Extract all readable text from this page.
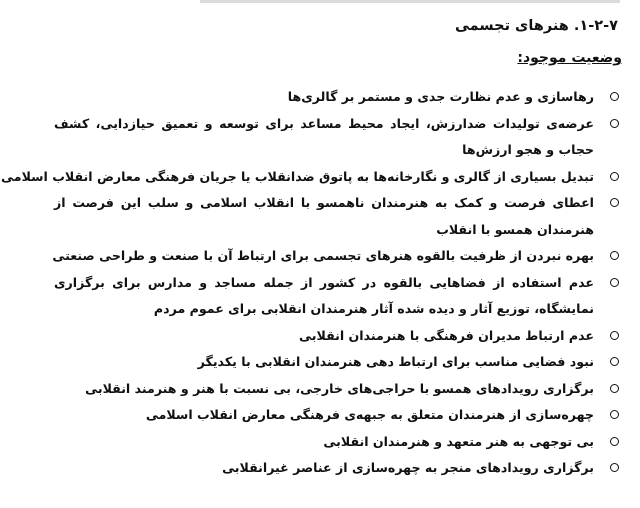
۱-۲-۷. هنرهای تجسمی
وضعیت موجود:
رهاسازی و عدم نظارت جدی و مستمر بر گالری‌ها
عرضه‌ی تولیدات ضدارزش، ایجاد محیط مساعد برای توسعه و تعمیق حیازدایی، کشف حجاب و هجو ارزش‌ها
تبدیل بسیاری از گالری و نگارخانه‌ها به پاتوق ضدانقلاب یا جریان فرهنگی معارض انقلاب اسلامی
اعطای فرصت و کمک به هنرمندان ناهمسو با انقلاب اسلامی و سلب این فرصت از هنرمندان همسو با انقلاب
بهره نبردن از ظرفیت بالقوه هنرهای تجسمی برای ارتباط آن با صنعت و طراحی صنعتی
عدم استفاده از فضاهایی بالقوه در کشور از جمله مساجد و مدارس برای برگزاری نمایشگاه، توزیع آثار و دیده شده آثار هنرمندان انقلابی برای عموم مردم
عدم ارتباط مدیران فرهنگی با هنرمندان انقلابی
نبود فضایی مناسب برای ارتباط دهی هنرمندان انقلابی با یکدیگر
برگزاری رویدادهای همسو با حراجی‌های خارجی، بی نسبت با هنر و هنرمند انقلابی
چهره‌سازی از هنرمندان متعلق به جبهه‌ی فرهنگی معارض انقلاب اسلامی
بی توجهی به هنر متعهد و هنرمندان انقلابی
برگزاری رویدادهای منجر به چهره‌سازی از عناصر غیرانقلابی
